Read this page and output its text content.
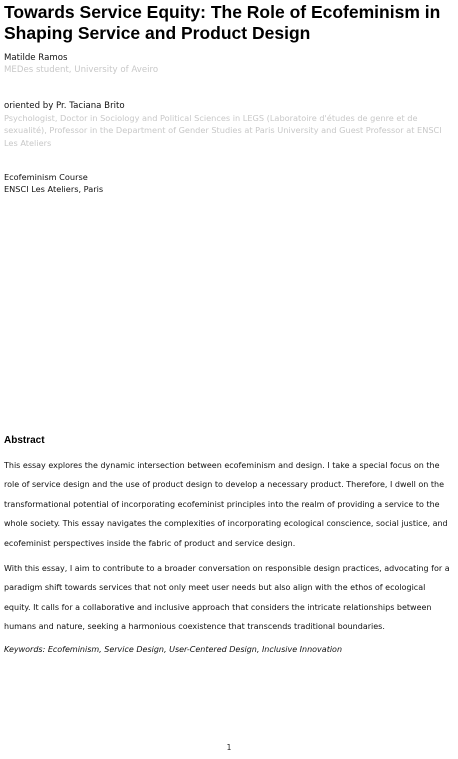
Towards Service Equity: The Role of Ecofeminism in Shaping Service and Product Design
Matilde Ramos
MEDes student, University of Aveiro
oriented by Pr. Taciana Brito
Psychologist, Doctor in Sociology and Political Sciences in LEGS (Laboratoire d'études de genre et de sexualité), Professor in the Department of Gender Studies at Paris University and Guest Professor at ENSCI Les Ateliers
Ecofeminism Course
ENSCI Les Ateliers, Paris
Abstract

This essay explores the dynamic intersection between ecofeminism and design. I take a special focus on the role of service design and the use of product design to develop a necessary product. Therefore, I dwell on the transformational potential of incorporating ecofeminist principles into the realm of providing a service to the whole society. This essay navigates the complexities of incorporating ecological conscience, social justice, and ecofeminist perspectives inside the fabric of product and service design.

With this essay, I aim to contribute to a broader conversation on responsible design practices, advocating for a paradigm shift towards services that not only meet user needs but also align with the ethos of ecological equity. It calls for a collaborative and inclusive approach that considers the intricate relationships between humans and nature, seeking a harmonious coexistence that transcends traditional boundaries.

Keywords: Ecofeminism, Service Design, User-Centered Design, Inclusive Innovation
1
